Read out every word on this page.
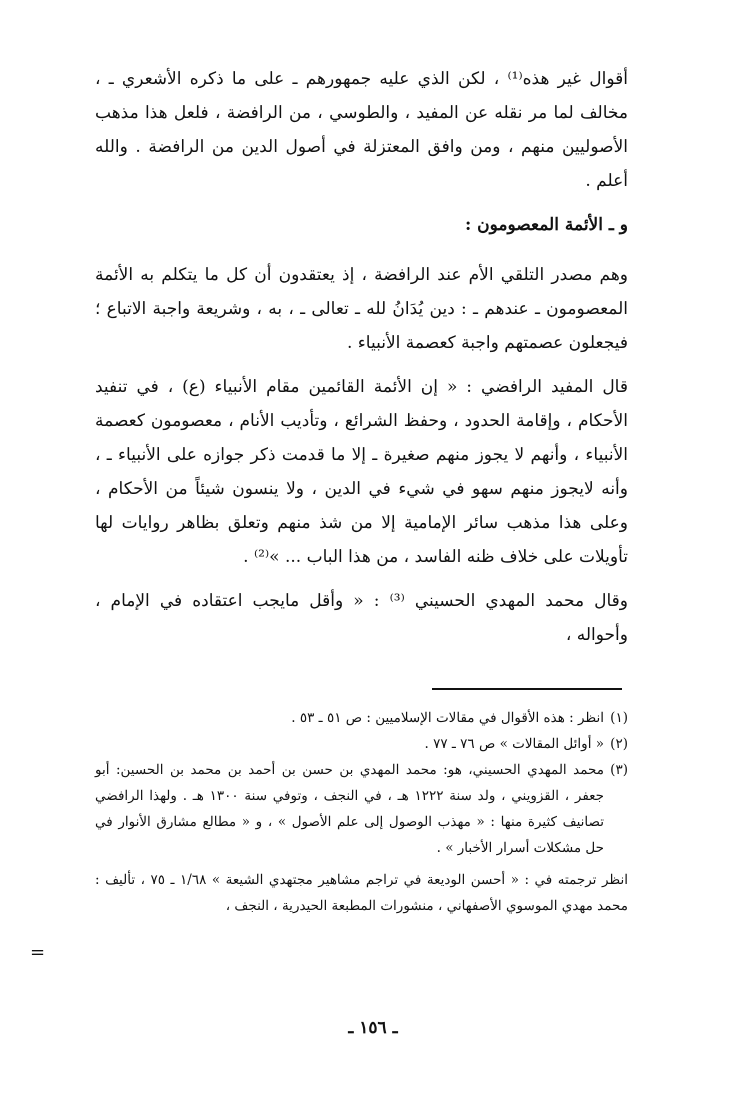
أقوال غير هذه⁽¹⁾ ، لكن الذي عليه جمهورهم ـ على ما ذكره الأشعري ـ ، مخالف لما مر نقله عن المفيد ، والطوسي ، من الرافضة ، فلعل هذا مذهب الأصوليين منهم ، ومن وافق المعتزلة في أصول الدين من الرافضة . والله أعلم .

و ـ الأئمة المعصومون :

وهم مصدر التلقي الأم عند الرافضة ، إذ يعتقدون أن كل ما يتكلم به الأئمة المعصومون ـ عندهم ـ : دين يُدَانُ لله ـ تعالى ـ ، به ، وشريعة واجبة الاتباع ؛ فيجعلون عصمتهم واجبة كعصمة الأنبياء .

قال المفيد الرافضي : « إن الأئمة القائمين مقام الأنبياء (ع) ، في تنفيد الأحكام ، وإقامة الحدود ، وحفظ الشرائع ، وتأديب الأنام ، معصومون كعصمة الأنبياء ، وأنهم لا يجوز منهم صغيرة ـ إلا ما قدمت ذكر جوازه على الأنبياء ـ ، وأنه لايجوز منهم سهو في شيء في الدين ، ولا ينسون شيئاً من الأحكام ، وعلى هذا مذهب سائر الإمامية إلا من شذ منهم وتعلق بظاهر روايات لها تأويلات على خلاف ظنه الفاسد ، من هذا الباب ... »⁽²⁾ .

وقال محمد المهدي الحسيني ⁽³⁾ : « وأقل مايجب اعتقاده في الإمام ، وأحواله ،

(١)انظر : هذه الأقوال في مقالات الإسلاميين : ص ٥١ ـ ٥٣ .

(٢)« أوائل المقالات » ص ٧٦ ـ ٧٧ .

(٣)محمد المهدي الحسيني، هو: محمد المهدي بن حسن بن أحمد بن محمد بن الحسين: أبو جعفر ، القزويني ، ولد سنة ١٢٢٢ هـ ، في النجف ، وتوفي سنة ١٣٠٠ هـ . ولهذا الرافضي تصانيف كثيرة منها : « مهذب الوصول إلى علم الأصول » ، و « مطالع مشارق الأنوار في حل مشكلات أسرار الأخبار » .

انظر ترجمته في : « أحسن الوديعة في تراجم مشاهير مجتهدي الشيعة » ١/٦٨ ـ ٧٥ ، تأليف : محمد مهدي الموسوي الأصفهاني ، منشورات المطبعة الحيدرية ، النجف ،

=
ـ ١٥٦ ـ
